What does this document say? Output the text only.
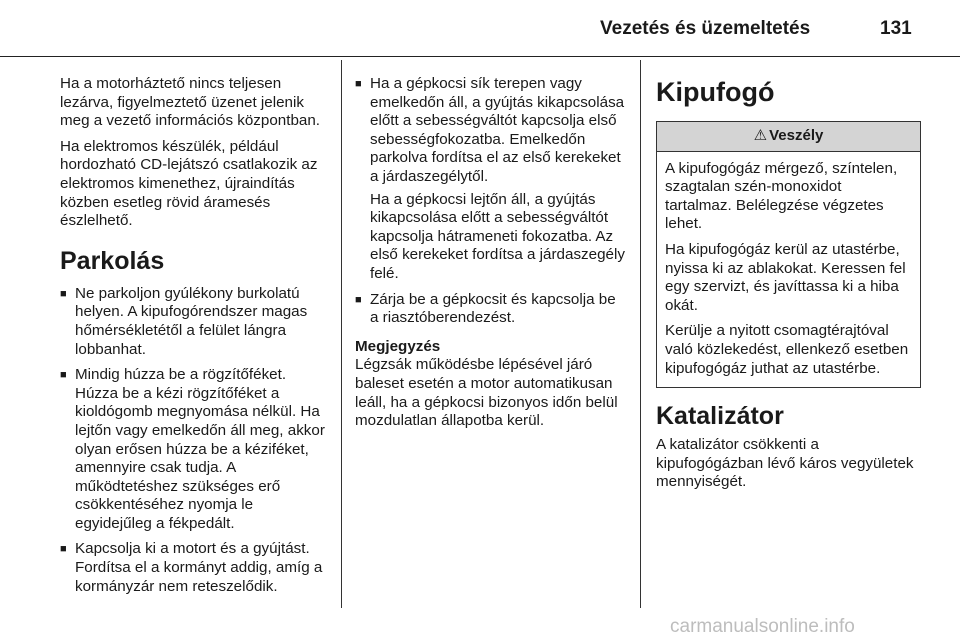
Vezetés és üzemeltetés	131

Ha a motorháztető nincs teljesen lezárva, figyelmeztető üzenet jelenik meg a vezető információs központban.

Ha elektromos készülék, például hordozható CD-lejátszó csatlakozik az elektromos kimenethez, újraindítás közben esetleg rövid áramesés észlelhető.

Parkolás
■ Ne parkoljon gyúlékony burkolatú helyen. A kipufogórendszer magas hőmérsékletétől a felület lángra lobbanhat.
■ Mindig húzza be a rögzítőféket. Húzza be a kézi rögzítőféket a kioldógomb megnyomása nélkül. Ha lejtőn vagy emelkedőn áll meg, akkor olyan erősen húzza be a kéziféket, amennyire csak tudja. A működtetéshez szükséges erő csökkentéséhez nyomja le egyidejűleg a fékpedált.
■ Kapcsolja ki a motort és a gyújtást. Fordítsa el a kormányt addig, amíg a kormányzár nem reteszelődik.
■ Ha a gépkocsi sík terepen vagy emelkedőn áll, a gyújtás kikapcsolása előtt a sebességváltót kapcsolja első sebességfokozatba. Emelkedőn parkolva fordítsa el az első kerekeket a járdaszegélytől.
Ha a gépkocsi lejtőn áll, a gyújtás kikapcsolása előtt a sebességváltót kapcsolja hátrameneti fokozatba. Az első kerekeket fordítsa a járdaszegély felé.
■ Zárja be a gépkocsit és kapcsolja be a riasztóberendezést.
Megjegyzés
Légzsák működésbe lépésével járó baleset esetén a motor automatikusan leáll, ha a gépkocsi bizonyos időn belül mozdulatlan állapotba kerül.
Kipufogó
⚠ Veszély

A kipufogógáz mérgező, színtelen, szagtalan szén-monoxidot tartalmaz. Belélegzése végzetes lehet.

Ha kipufogógáz kerül az utastérbe, nyissa ki az ablakokat. Keressen fel egy szervizt, és javíttassa ki a hiba okát.

Kerülje a nyitott csomagtérajtóval való közlekedést, ellenkező esetben kipufogógáz juthat az utastérbe.

Katalizátor

A katalizátor csökkenti a kipufogógázban lévő káros vegyületek mennyiségét.

carmanualsonline.info
